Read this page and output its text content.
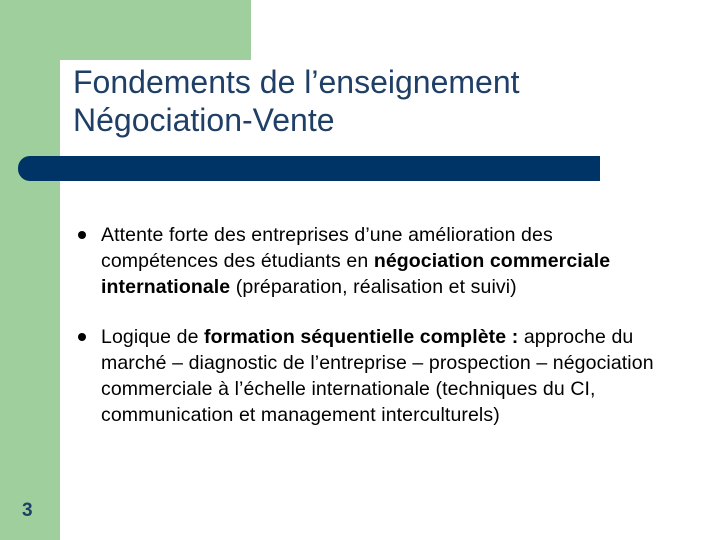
Fondements de l’enseignement
Négociation-Vente
Attente forte des entreprises d’une amélioration des compétences des étudiants en négociation commerciale internationale (préparation, réalisation et suivi)
Logique de formation séquentielle complète : approche du marché – diagnostic de l’entreprise – prospection – négociation commerciale à l’échelle internationale (techniques du CI, communication et management interculturels)
3
